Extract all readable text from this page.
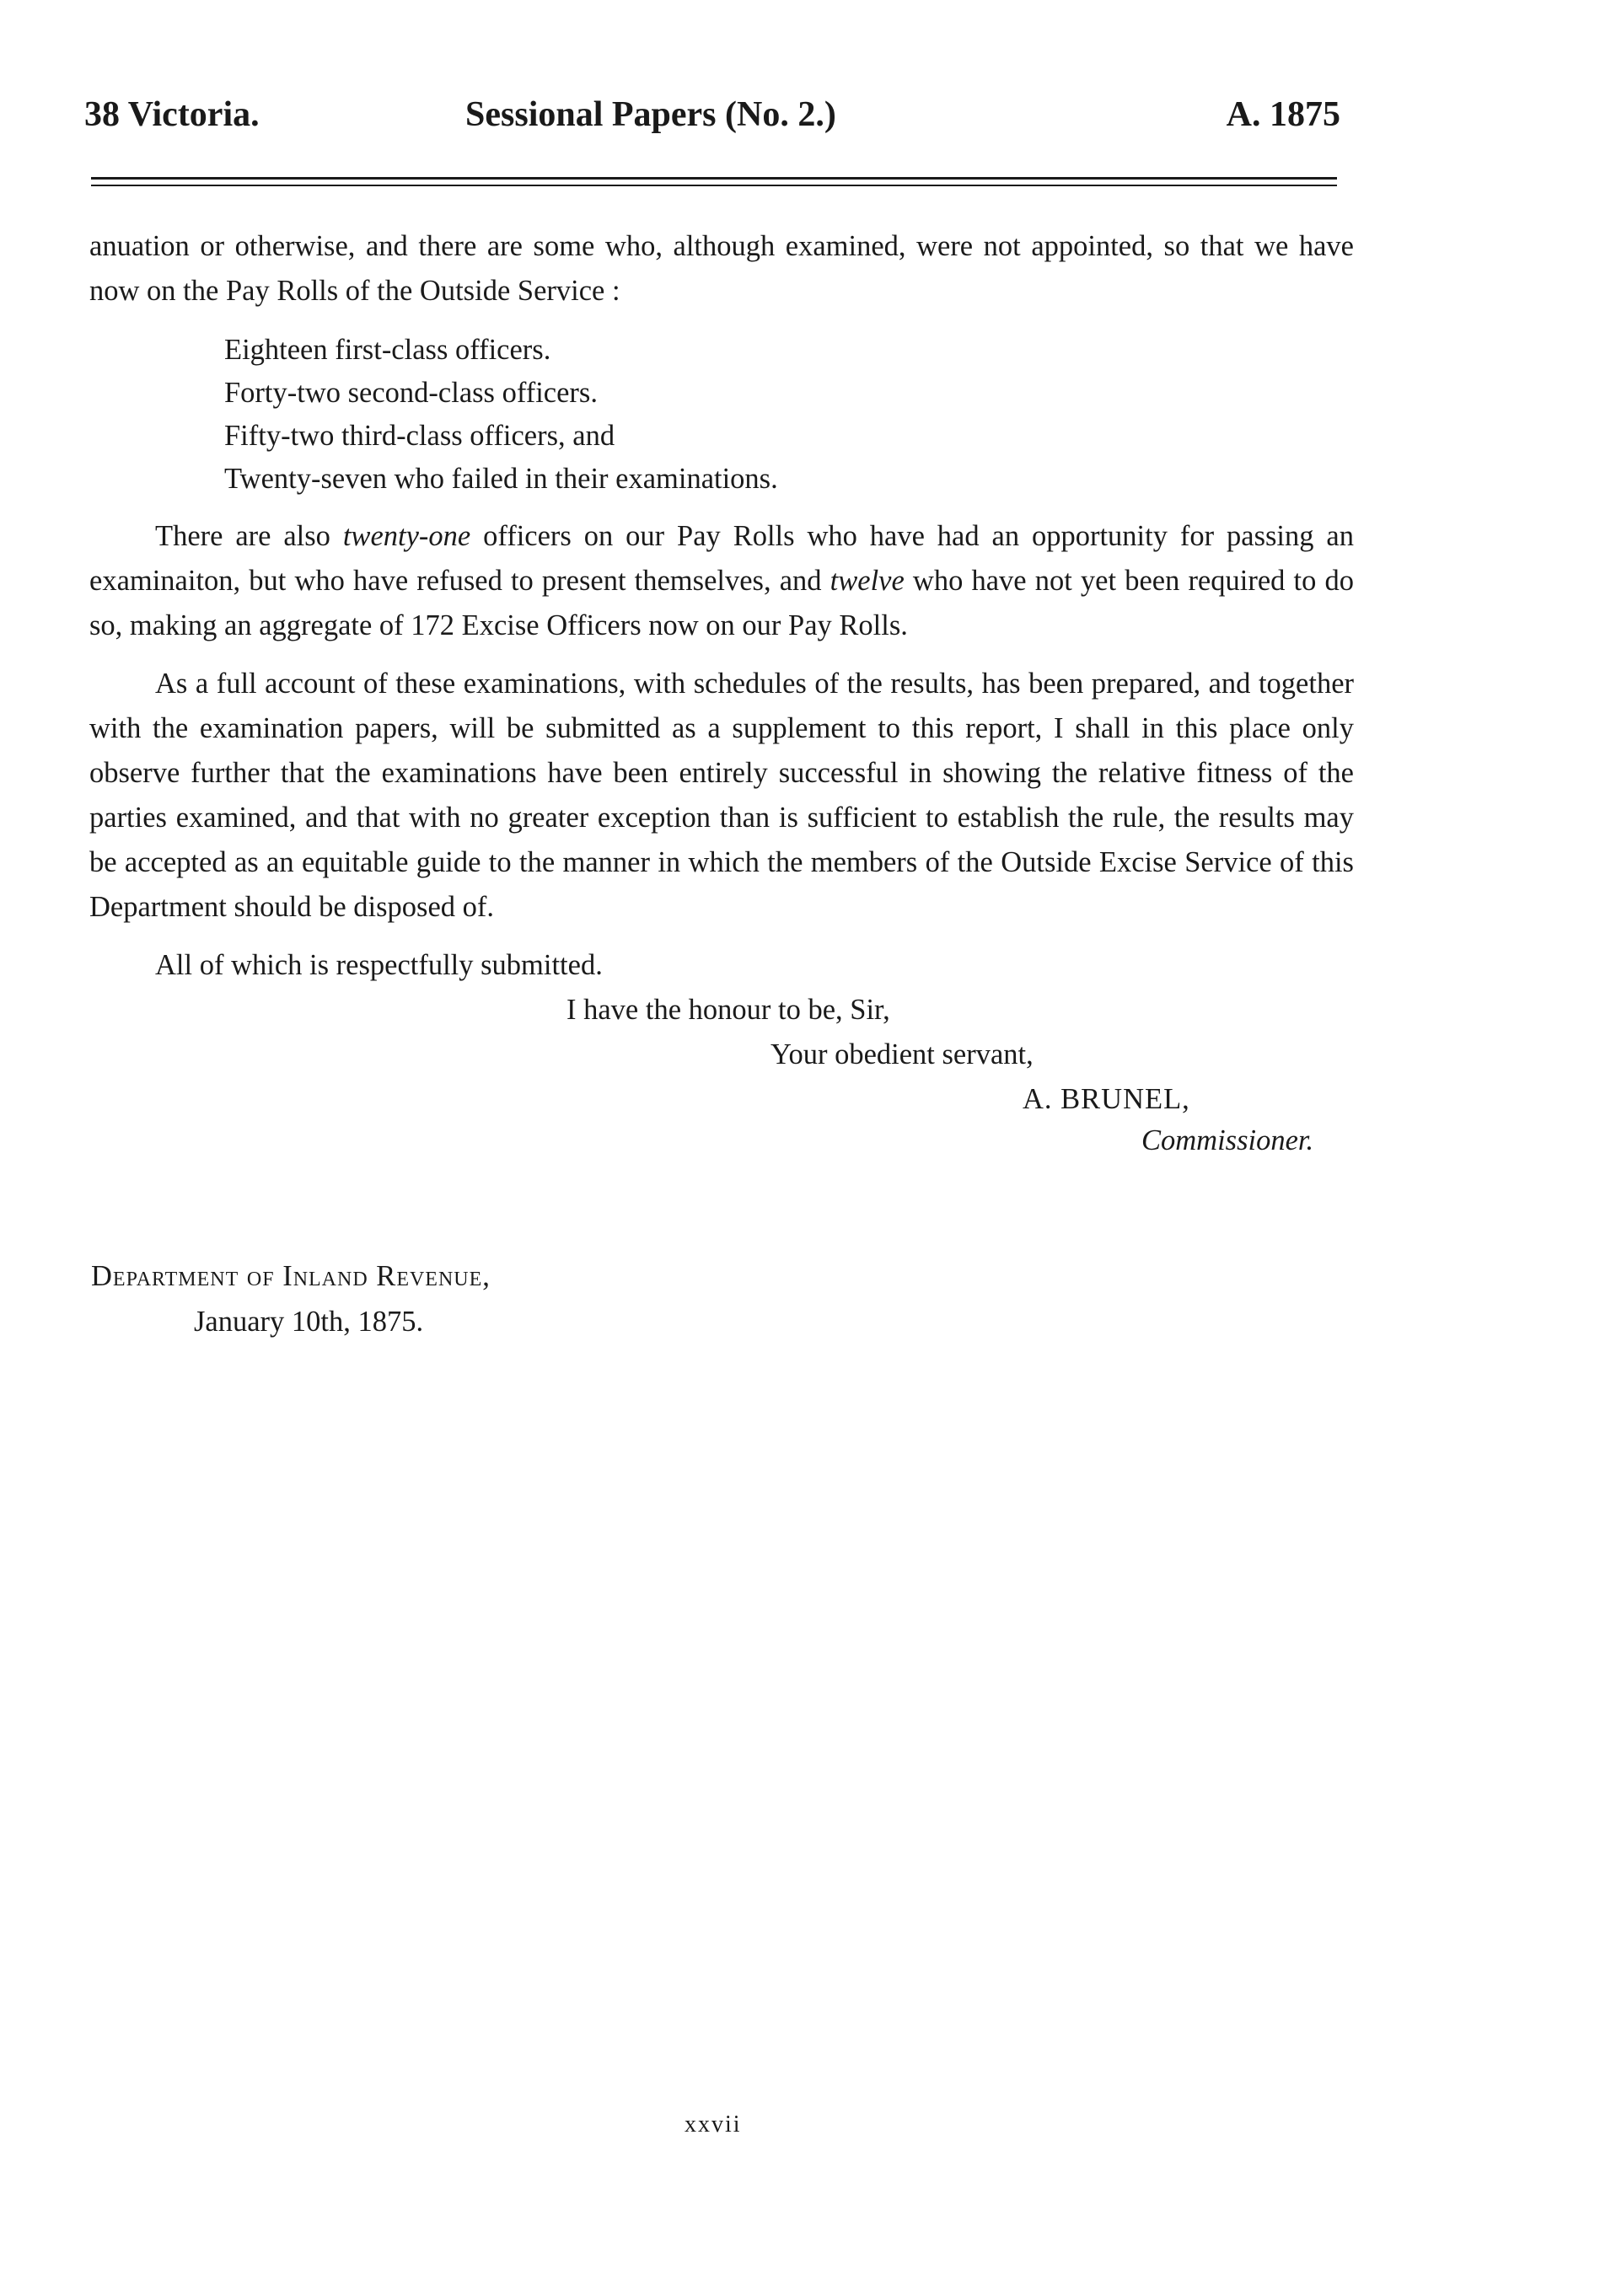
38 Victoria.	Sessional Papers (No. 2.)	A. 1875

anuation or otherwise, and there are some who, although examined, were not appointed, so that we have now on the Pay Rolls of the Outside Service :

Eighteen first-class officers.
Forty-two second-class officers.
Fifty-two third-class officers, and
Twenty-seven who failed in their examinations.

There are also twenty-one officers on our Pay Rolls who have had an opportunity for passing an examinaiton, but who have refused to present themselves, and twelve who have not yet been required to do so, making an aggregate of 172 Excise Officers now on our Pay Rolls.

As a full account of these examinations, with schedules of the results, has been prepared, and together with the examination papers, will be submitted as a supplement to this report, I shall in this place only observe further that the examinations have been entirely successful in showing the relative fitness of the parties examined, and that with no greater exception than is sufficient to establish the rule, the results may be accepted as an equitable guide to the manner in which the members of the Outside Excise Service of this Department should be disposed of.

All of which is respectfully submitted.
I have the honour to be, Sir,
Your obedient servant,
A. BRUNEL,
Commissioner.
Department of Inland Revenue,
January 10th, 1875.
xxvii
